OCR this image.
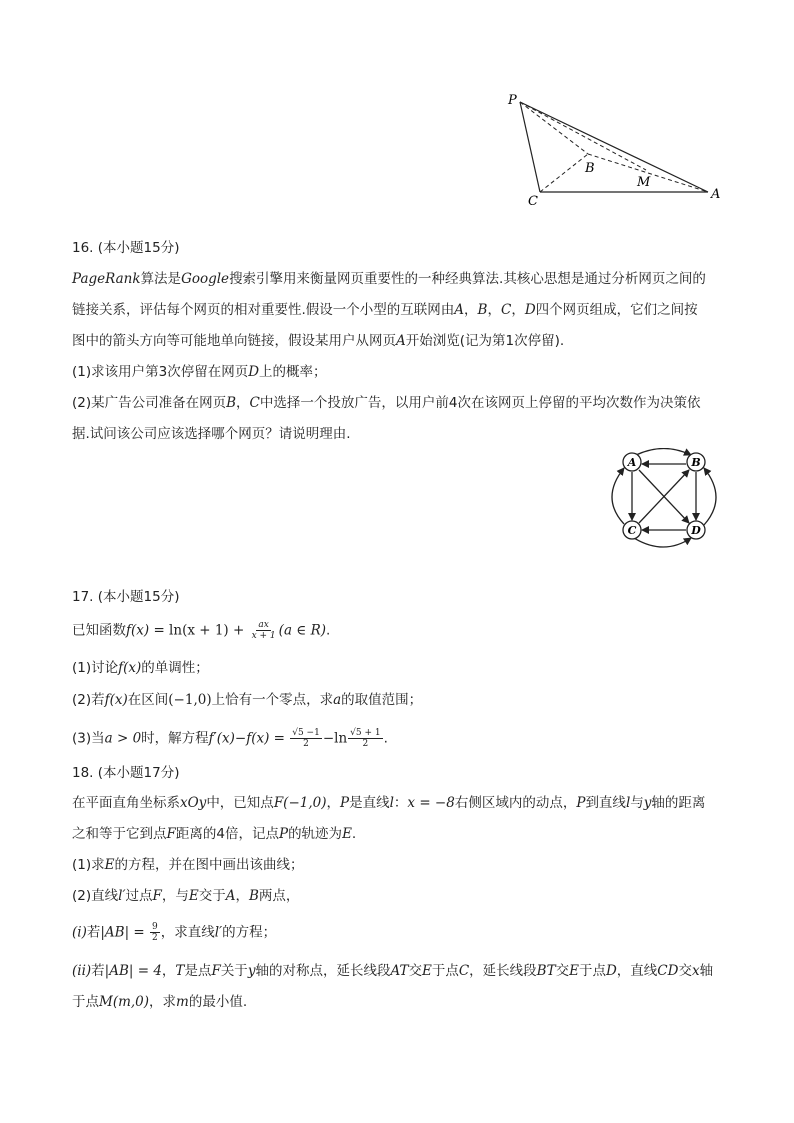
P
B
M
C	A
16. (本小题15分)
PageRank算法是Google搜索引擎用来衡量网页重要性的一种经典算法.其核心思想是通过分析网页之间的
链接关系，评估每个网页的相对重要性.假设一个小型的互联网由A，B，C，D四个网页组成，它们之间按
图中的箭头方向等可能地单向链接，假设某用户从网页A开始浏览(记为第1次停留).
(1)求该用户第3次停留在网页D上的概率；
(2)某广告公司准备在网页B，C中选择一个投放广告，以用户前4次在该网页上停留的平均次数作为决策依
据.试问该公司应该选择哪个网页？请说明理由.
A	B
C	D
17. (本小题15分)
已知函数$f(x) = \ln(x + 1) + \frac{ax}{x + 1} (a$ ∈ R).
(1)讨论f(x)的单调性；
(2)若f(x)在区间(−1,0)上恰有一个零点，求a的取值范围；
(3)当a > 0时，解方程$f'(x)-f(x) = \frac{√5 -1}{2} -\ln \frac{√5 + 1}{2}$ .
18. (本小题17分)
在平面直角坐标系xOy中，已知点F(−1,0)，P是直线l：x = −8右侧区域内的动点，P到直线l与y轴的距离
之和等于它到点F距离的4倍，记点P的轨迹为E.
(1)求E的方程，并在图中画出该曲线；
(2)直线l′过点F，与E交于A，B两点，
(i)若$|AB| = \frac{9}{2}$ ，求直线l′的方程；
(ii)若|AB| = 4，T是点F关于y轴的对称点，延长线段AT交E于点C，延长线段BT交E于点D，直线CD交x轴
于点M(m,0)，求m的最小值.
